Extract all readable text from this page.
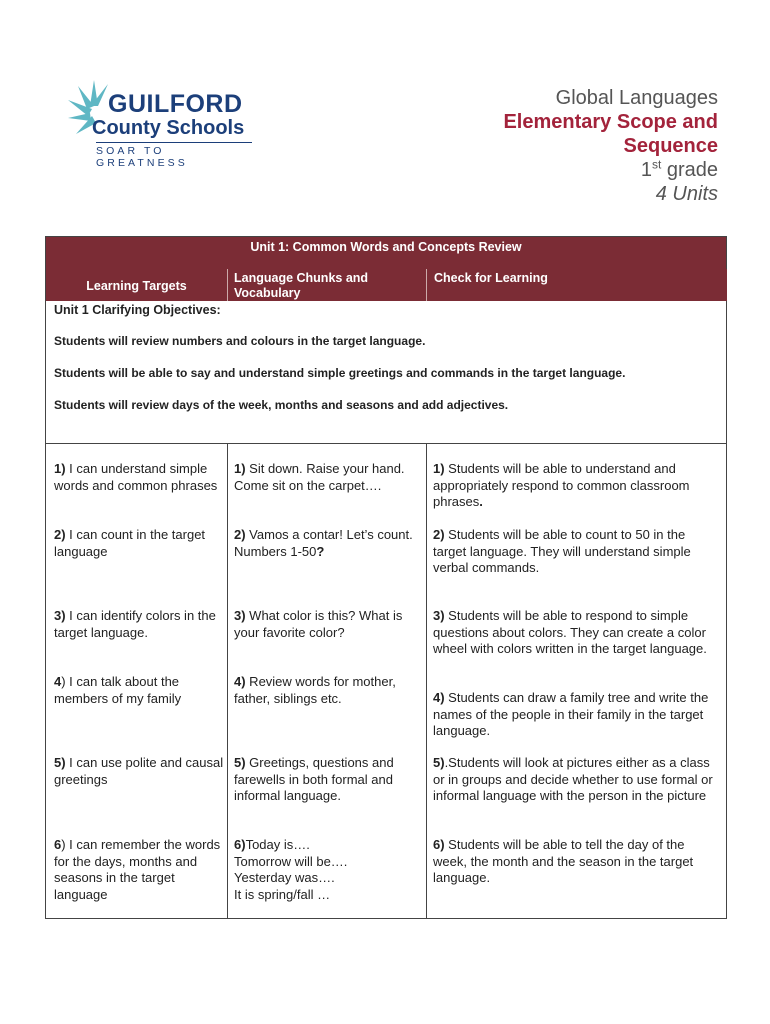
GUILFORD
County Schools
SOAR TO GREATNESS
Global Languages
Elementary Scope and
Sequence
1st grade
4 Units
Unit 1: Common Words and Concepts Review
Learning Targets
Language Chunks and Vocabulary
Check for Learning
Unit 1 Clarifying Objectives:
Students will review numbers and colours in the target language.
Students will be able to say and understand simple greetings and commands in the target language.
Students will review days of the week, months and seasons and add adjectives.
1) I can understand simple words and common phrases
1) Sit down. Raise your hand. Come sit on the carpet….
1) Students will be able to understand and appropriately respond to common classroom phrases.
2) I can count in the target language
2) Vamos a contar! Let’s count.
Numbers 1-50?
2) Students will be able to count to 50 in the target language. They will understand simple verbal commands.
3) I can identify colors in the target language.
3) What color is this? What is your favorite color?
3) Students will be able to respond to simple questions about colors. They can create a color wheel with colors written in the target language.
4) I can talk about the members of my family
4) Review words for mother, father, siblings etc.	4) Students can draw a family tree and write the names of the people in their family in the target language.
5) I can use polite and causal greetings
5) Greetings, questions and farewells in both formal and informal language.
5).Students will look at pictures either as a class or in groups and decide whether to use formal or informal language with the person in the picture
6) I can remember the words for the days, months and seasons in the target language
6)Today is….
Tomorrow will be….
Yesterday was….
It is spring/fall …
6) Students will be able to tell the day of the week, the month and the season in the target language.
